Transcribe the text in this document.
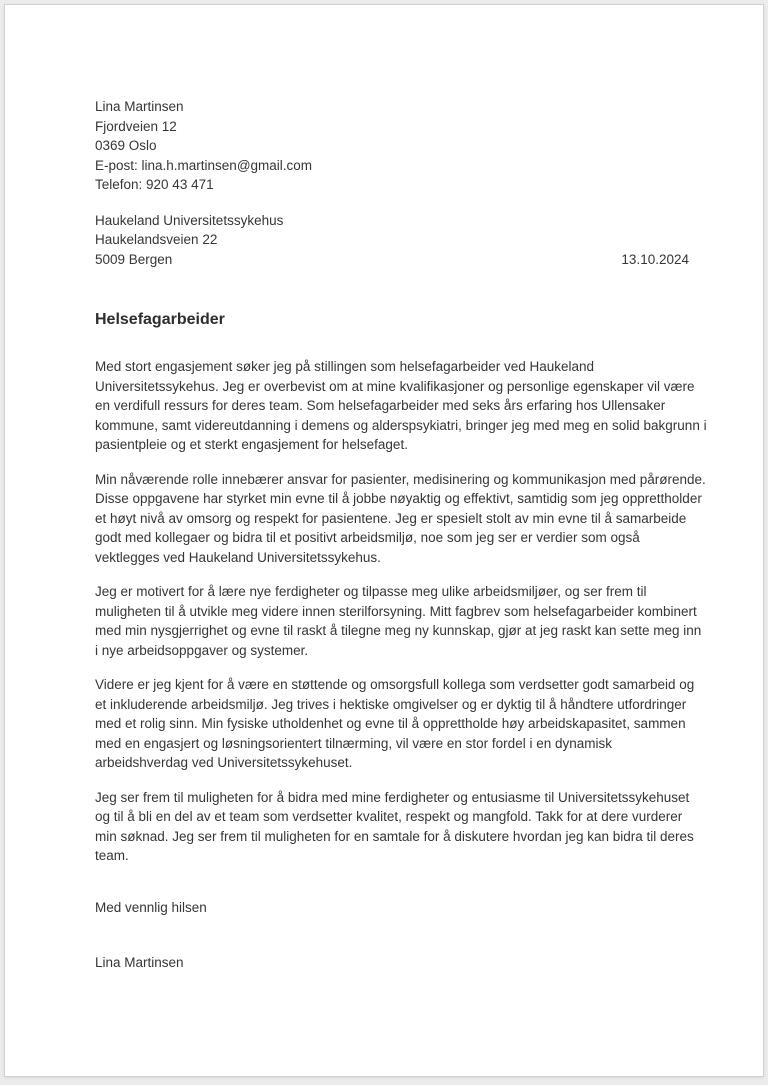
Lina Martinsen
Fjordveien 12
0369 Oslo
E-post: lina.h.martinsen@gmail.com
Telefon: 920 43 471
Haukeland Universitetssykehus
Haukelandsveien 22
5009 Bergen	13.10.2024
Helsefagarbeider

Med stort engasjement søker jeg på stillingen som helsefagarbeider ved Haukeland Universitetssykehus. Jeg er overbevist om at mine kvalifikasjoner og personlige egenskaper vil være en verdifull ressurs for deres team. Som helsefagarbeider med seks års erfaring hos Ullensaker kommune, samt videreutdanning i demens og alderspsykiatri, bringer jeg med meg en solid bakgrunn i pasientpleie og et sterkt engasjement for helsefaget.

Min nåværende rolle innebærer ansvar for pasienter, medisinering og kommunikasjon med pårørende. Disse oppgavene har styrket min evne til å jobbe nøyaktig og effektivt, samtidig som jeg opprettholder et høyt nivå av omsorg og respekt for pasientene. Jeg er spesielt stolt av min evne til å samarbeide godt med kollegaer og bidra til et positivt arbeidsmiljø, noe som jeg ser er verdier som også vektlegges ved Haukeland Universitetssykehus.

Jeg er motivert for å lære nye ferdigheter og tilpasse meg ulike arbeidsmiljøer, og ser frem til muligheten til å utvikle meg videre innen sterilforsyning. Mitt fagbrev som helsefagarbeider kombinert med min nysgjerrighet og evne til raskt å tilegne meg ny kunnskap, gjør at jeg raskt kan sette meg inn i nye arbeidsoppgaver og systemer.

Videre er jeg kjent for å være en støttende og omsorgsfull kollega som verdsetter godt samarbeid og et inkluderende arbeidsmiljø. Jeg trives i hektiske omgivelser og er dyktig til å håndtere utfordringer med et rolig sinn. Min fysiske utholdenhet og evne til å opprettholde høy arbeidskapasitet, sammen med en engasjert og løsningsorientert tilnærming, vil være en stor fordel i en dynamisk arbeidshverdag ved Universitetssykehuset.

Jeg ser frem til muligheten for å bidra med mine ferdigheter og entusiasme til Universitetssykehuset og til å bli en del av et team som verdsetter kvalitet, respekt og mangfold. Takk for at dere vurderer min søknad. Jeg ser frem til muligheten for en samtale for å diskutere hvordan jeg kan bidra til deres team.

Med vennlig hilsen
Lina Martinsen
